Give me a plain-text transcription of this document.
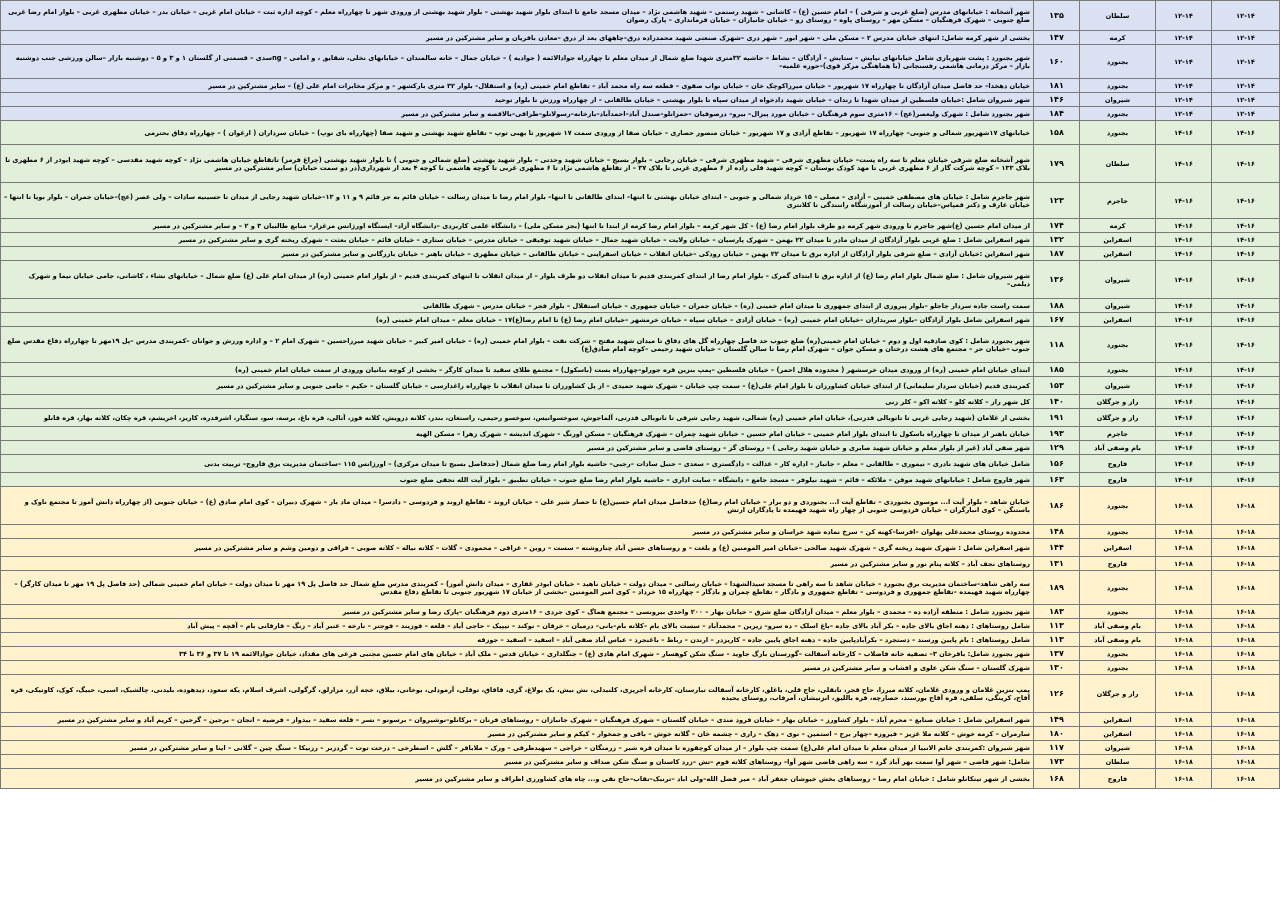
۱۲-۱۴	۱۲-۱۴	سلطان	۱۳۵	شهر آشخانه : خیابانهای مدرس (ضلع غربی و شرقی ) – امام حسین (ع) – کاشانی – شهید رستمی – شهید هاشمی نژاد – میدان مسجد جامع تا ابتدای بلوار شهید بهشتی – بلوار شهید بهشتی از ورودی شهر تا چهارراه معلم – کوچه اداره ثبت – خیابان امام غربی – خیابان بدر – خیابان مطهری غربی – بلوار امام رضا غربی ضلع جنوبی – شهرک فرهنگیان – مسکن مهر – روستای پاوه – روستای زو – خیابان جانبازان – خیابان فرمانداری – پارک رضوان
۱۲-۱۴	۱۲-۱۴	کرمه	۱۴۷	بخشی از شهر کرمه شامل: انتهای خیابان مدرس ۲ – مسکن ملی – شهر ابور – شهر دری –شهرک صنعتی شهید محمدزاده درق–چاههای بعد از درق –معادن باقریان و سایر مشترکین در مسیر
۱۲-۱۴	۱۲-۱۴	بجنورد	۱۶۰	شهر بجنورد : پشت شهربازی شامل خیابانهای نیایش – ستایش – آزادگان – نشاط – حاشیه ۳۲متری شهدا ضلع شمال از میدان معلم تا چهارراه جوادالائمه ( جواديه ) – خیابان جمال – خانه سالمندان – خیابانهای نخلی، شقایق ، و امامی – ngسدی – قسمتی از گلستان ۱ و ۳ و ۵ – دوشنبه بازار –سالن ورزشی جنب دوشنبه بازار – مرکز درمانی هاشمی رفسنجانی (با هماهنگی مرکز قوی)–حوزه علمیه–
۱۲-۱۴	۱۲-۱۴	بجنورد	۱۸۱	خیابان دهخدا– حد فاصل میدان آزادگان تا چهارراه ۱۷ شهریور – خیابان میرزاکوچک خان – خیابان نواب صفوی – قطعه سه راه محمد آباد – تقاطع امام خمینی (ره) و استقلال– بلوار ۳۲ متری بارکشهر – و مرکز مخابرات امام علی (ع) – سایر مشترکین در مسیر
۱۲-۱۴	۱۲-۱۴	شیروان	۱۴۶	شهر شیروان شامل :خیابان فلسطین از میدان شهدا تا زندان – خیابان شهید دادخواه از میدان سپاه تا بلوار بهشتی – خیابان طالقانی – از چهارراه ورزش تا بلوار توحید
۱۲-۱۴	۱۲-۱۴	بجنورد	۱۸۴	شهر بجنورد شامل : شهرک ولیعصر(عج) – ۱۶متری سوم فرهنگیان – خیابان مورد پیزال– بیرو– درصوفیان –حمزانلو–صندل آباد–احمدآباد–بازخانه–رسولانلو–طراقی–بالاقصه و سایر مشترکین در مسیر
۱۴-۱۶	۱۴-۱۶	بجنورد	۱۵۸	خیابانهای ۱۷شهریور شمالی و جنوبی– چهارراه ۱۷ شهریور – تقاطع آزادی و ۱۷ شهریور – خیابان منصور حصاری – خیابان صفا از ورودی سمت ۱۷ شهریور تا بهبی توپ – تقاطع شهید بهشتی و شهید صفا (چهارراه بای توپ) – خیابان سرداران ( ارغوان ) – چهارراه دقاق بحترمی
۱۴-۱۶	۱۴-۱۶	سلطان	۱۷۹	شهر آشخانه ضلع شرقی خیابان معلم تا سه راه پست– خیابان مطهری شرقی – شهید مطهری شرقی – خیابان رجایی – بلوار بسیج – خیابان شهید وحدتی – بلوار شهید بهشتی (ضلع شمالی و جنوبی ) تا بلوار شهید بهشتی (چراغ قرمز) تاتقاطع خیابان هاشمی نژاد – کوچه شهید مقدسی – کوچه شهید ابوذر از ۶ مطهری تا بلاک ۱۳۳ – کوچه شرکت گاز از ۶ مطهری غربی تا مهد کودک بوستان – کوچه شهید قلی زاده از ۶ مطهری غربی تا بلاک ۳۷ – از تقاطع هاشمی نژاد تا ۶ مطهری غربی تا کوچه هاشمی تا کوچه ۴ بعد از شهرداری(در دو سمت خیابان) سایر مشترکین در مسیر
۱۴-۱۶	۱۴-۱۶	جاجرم	۱۲۳	شهر جاجرم شامل : خیابان های مصطفی خمینی – آزادی – مصلی – ۱۵ خرداد شمالی و جنوبی – ابتدای خیابان بهشتی تا انتها– ابتدای طالقانی تا انتها– بلوار امام رضا تا میدان رسالت – خیابان قائم به جز قائم ۹ و ۱۱ و ۱۳–خیابان شهید رجایی از میدان تا حسینیه سادات – ولی عصر (عج)–خیابان جمران – بلوار بوپا تا انتها – خیابان عارف و دکتر قمپاس–خیابان رسالت از آموزشگاه راننندگی تا کلانتری
۱۴-۱۶	۱۴-۱۶	کرمه	۱۷۴	از میدان امام حسین (ع)شهر جاجرم تا ورودی شهر کرمه دو طرف بلوار امام رضا (ع) – کل شهر کرمه – بلوار امام رضا کرمه از ابتدا تا انتها (بجز مسکن ملی) – دانشگاه علمی کاربردی –دانشگاه آزاد– ایستگاه اورژانس مرغزار– منابع طالبیان ۳ و ۲ – و سایر مشترکین در مسیر
۱۴-۱۶	۱۴-۱۶	اسفراین	۱۳۲	شهر اسفراین شامل : ضلع غربی بلوار آزادگان از میدان مادر تا میدان ۲۲ بهمن – شهرک پارسیان – خیابان ولایت – خیابان شهید جمال – خیابان شهید توفیقی – خیابان مدرس – خیابان ستاری – خیابان قائم – خیابان بعثت – شهرک ریخته گری و سایر مشترکین در مسیر
۱۴-۱۶	۱۴-۱۶	اسفراین	۱۸۷	شهر اسفراین :خیابان آزادی – ضلع شرقی بلوار آزادگان از اداره برق تا میدان ۲۲ بهمن – خیابان رودکی –خیابان انقلاب – خیابان اسفراینی – خیابان طالقانی – خیابان مطهری – خیابان باهنر – خیابان بازرگانی و سایر مشترکین در مسیر
۱۴-۱۶	۱۴-۱۶	شیروان	۱۳۶	شهر شیروان شامل : ضلع شمال بلوار امام رضا (ع) از اداره برق تا ابتدای گمرک – بلوار امام رضا از ابتدای کمربندی قدیم تا میدان انقلاب دو طرف بلوار – از میدان انقلاب تا انتهای کمربندی قدیم – از بلوار امام خمینی (ره) از میدان امام علی (ع) ضلع شمال – خیابانهای نشاء ، کاشانی، جامی خیابان نیما و شهرک دیلمی–
۱۴-۱۶	۱۴-۱۶	شیروان	۱۸۸	سمت راست جاده سردار جاجلو –بلوار پیروزی از ابتدای جمهوری تا میدان امام خمینی (ره) – خیابان جمران – خیابان جمهوری – خیابان استقلال – بلوار فجر – خیابان مدرس – شهرک طالقانی
۱۴-۱۶	۱۴-۱۶	اسفراین	۱۶۷	شهر اسفراین شامل بلوار آزادگان –بلوار سربداران –خیابان امام خمینی (ره) – خیابان آزادی – خیابان سپاه – خیابان خرمشهر –خیابان امام رضا (ع) تا امام رضا(ع)۱۷ – خیابان معلم – میدان امام خمینی (ره)
۱۴-۱۶	۱۴-۱۶	بجنورد	۱۱۸	شهر بجنورد شامل : کوی صادقیه اول و دوم – خیابان امام خمینی(ره) ضلع جنوب حد فاصل چهارراه گل های دقاق تا میدان شهید مفتح – شرکت نفت – بلوار امام خمینی (ره) – خیابان امیر کبیر – خیابان شهید میرزاحسین – شهرک امام ۲ – و اداره ورزش و جوانان –کمربندی مدرس –پل ۱۹مهر تا چهارراه دفاع مقدس ضلع جنوب –خیابان حر – مجتمع های هشت درختان و مسکن جوان – شهرک امام رضا تا سالن گلستان – خیابان شهید رحیمی –کوچه امام صادق(ع)
۱۴-۱۶	۱۴-۱۶	بجنورد	۱۸۵	ابتدای خیابان امام خمینی (ره) از ورودی میدان خرسشهر ( محدوده هلال احمر) – خیابان فلسطین –پمپ بنزین قره جورلو–چهارراه بست (باسکول) – مجتمع طلای سفید تا میدان کارگر – بخشی از کوچه بنانیان ورودی از سمت خیابان امام خمینی (ره)
۱۴-۱۶	۱۴-۱۶	شیروان	۱۵۳	کمربندی قدیم (خیابان سردار سلیمانی) از ابتدای خیابان کشاورزان تا بلوار امام علی(ع) – سمت چپ خیابان – شهرک شهید حمیدی – از پل کشاورزان تا میدان انقلاب تا چهارراه زاغدارسی – خیابان گلستان – حکیم – جامی جنوبی و سایر مشترکین در مسیر
۱۴-۱۶	۱۴-۱۶	راز و جرگلان	۱۴۰	کل شهر راز – کلاته کلو – کلاته اکو – کلر زنی
۱۴-۱۶	۱۴-۱۶	راز و جرگلان	۱۹۱	بخشی از غلامان (شهید رجایی غربی تا تاتوبالی قدرتی)، خیابان امام خمینی (ره) شمالی، شهید رجایی شرقی تا تاتوبالی قدرتی، آلماجوش، سوخسوانیس، سوخسو رحیمی، راستغان، بندر، کلانه درویش، کلاته قوز، آتالی، قره باغ، برسه، سو، سنگیار، اشرفدره، کاریز، اخریشم، قره چکان، کلاته بهار، قره قانلو
۱۴-۱۶	۱۴-۱۶	جاجرم	۱۹۳	خیابان باهنر از میدان تا چهارراه باسکول تا ابتدای بلوار امام خمینی – خیابان امام حسین – خیابان شهید چمران – شهرک فرهنگیان – مسکن اورنگ – شهرک اندیشه – شهرک زهرا – مسکن الهیه
۱۴-۱۶	۱۴-۱۶	بام وصفی آباد	۱۲۹	شهر صفی آباد (غیر از بلوار معلم و خیابان شهید صابری و خیابان شهید رجایی ) – روستای گز – روستای قاضی و سایر مشترکین در مسیر
۱۴-۱۶	۱۴-۱۶	فاروج	۱۵۶	شامل خیابان های شهید نادری – نیموری – طالقانی – معلم – جانباز – اداره کار – عدالت – دادگستری – سعدی – حنبل سادات –رجبی– حاشیه بلوار امام رضا ضلع شمال (حدفاصل بسیج تا میدان مرکزی) – اورژانس ۱۱۵ –ساختمان مدیریت برق فاروج– تربیت بدنی
۱۴-۱۶	۱۴-۱۶	فاروج	۱۶۳	شهر فاروج شامل : خیابانهای شهید موقن – ملائکه – قائم – شهید نیلوفر – مسجد جامع – دانشگاه – سایت اداری – حاشیه بلوار امام رضا ضلع جنوب – خیابان تطبیق – بلوار آیت الله نجفی ضلع جنوب
۱۶-۱۸	۱۶-۱۸	بجنورد	۱۸۶	خیابان شاهد – بلوار آیت ا... موسوی بجنوردی – تقاطع آیت ا... بجنوردی و دو برار – خیابان امام رضا(ع) حدفاصل میدان امام حسین(ع) تا حصار شیر علی – خیابان اروند – تقاطع اروند و فردوسی – دادسرا – میدان ماد بار – شهرک دبیران – کوی امام صادق (ع) – خیابان جنوبی (از چهارراه دانش آموز تا مجتمع ناوک و باستنگن – کوی انبارگران – خیابان فردوسی جنوبی از چهار راه شهید فهیمده تا یادگاران ارتش
۱۶-۱۸	۱۶-۱۸	بجنورد	۱۴۸	محدوده روستای محمدعلی پهلوان –افرسا–کهنه کن – سرخ نماده شهد خراسان و سایر مشترکین در مسیر
۱۶-۱۸	۱۶-۱۸	اسفراین	۱۴۴	شهر اسفراین شامل : شهرک شهید ریخته گری – شهرک شهید صالحی –خیابان امیر المومنین (ع) و بلغت – و روستاهای حسن آباد چناروشته – سست – روین – عراقی – محمودی – گلات – کلاته نیاله – کلاته صوبی – قراقی و دومین وشم و سایر مشترکین در مسیر
۱۶-۱۸	۱۶-۱۸	فاروج	۱۳۱	روستاهای نجف آباد – کلاته پنام نور و سایر مشترکین در مسیر
۱۶-۱۸	۱۶-۱۸	بجنورد	۱۸۹	سه راهی شاهد–ساختمان مدیریت برق بجنورد – خیابان شاهد تا سه راهی تا مسجد سیدالشهدا – خیابان رسالتی – میدان دولت – خیابان ناهید – خیابان ابوذر غفاری – میدان دانش آموز) – کمربندی مدرس ضلع شمال حد فاصل پل ۱۹ مهر تا میدان دولت – خیابان امام خمینی شمالی (حد فاصل پل ۱۹ مهر تا میدان کارگر) – چهارراه شهید فهیمده –تقاطع جمهوری و فردوسی – تقاطع جمهوری و بادگار – تقاطع چمران و بادگار – چهارراه ۱۵ خرداد – کوی امیر المومنین –بخشی از خیابان ۱۷ شهریور جنوبی تا تقاطع دفاع مقدس
۱۶-۱۸	۱۶-۱۸	بجنورد	۱۸۳	شهر بجنورد شامل : منطقه آزاده ده – محمدی – بلوار معلم – میدان آزادگان ضلع شرق – خیابان بهار – ۲۰۰ واحدی بیرونسی – مجتمع هماگ – کوی جردی – ۱۶متری دوم فرهنگیان –پارک رضا و سایر مشترکین در مسیر
۱۶-۱۸	۱۶-۱۸	بام وصفی آباد	۱۱۳	شامل روستاهای : دهنه اجاق بالای جاده – بکر آباد بالای جاده –باغ اسلک – ده سرو– زیرین – محمدآباد – سست بالای بام –کلاته بام–بانی– درمیان – خرقان – نوکند – تیپیک – حاجی آباد – قلعه – فوزیند – فوجتر – نارخه – عنبر آباد – زنگ – قارقانی بام – آقچه – پیش آباد
۱۶-۱۸	۱۶-۱۸	بام وصفی آباد	۱۱۳	شامل روستاهای : بام پایین ورسند – دستجرد – بکرآبادپایین جاده – دهنه اجاق پایین جاده – کاریزدر – ارندن – رباط – باغنجرد – عباس آباد صفی آباد – اسفید – اسفید – جوزقه
۱۶-۱۸	۱۶-۱۸	بجنورد	۱۳۷	شهر بجنورد شامل: باقرخان ۳– تصفیه خانه فاضلاب – کارخانه آسفالت –گورستان بارگ جاوید – سنگ شکن کوهسار – شهرک امام هادی (ع) – جنگلداری – خیابان قدس – ملک آباد – خیابان های امام حسین مجتبی فرعی های مقداد، خیابان جوادالائمه ۱۹ تا ۳۷ و ۳۶ تا ۳۴
۱۶-۱۸	۱۶-۱۸	بجنورد	۱۳۰	شهرک گلستان – سنگ شکن علوی و اقشاب و سایر مشترکین در مسیر
۱۶-۱۸	۱۶-۱۸	راز و جرگلان	۱۲۶	پمپ بنزین غلامان و ورودی غلامان، کلاته میرزا، حاج قجر، ناتقلی، حاج قلی، باغلق، کارخانه آسفالت تبارستان، کارخانه آجرپزی، کلنیدلی، نش نیش، یک بولاغ، گزی، قاقاق، توقلی، آرمودلی، بوخانی، بیلاق، خجه آزر، مزارلق، گرگولی، اشرف اسلام، یکه سعود، دیدهوده، بلیدنی، چالشیک، اسبی، حبیگ، کوک، کاوتیکی، قره آقاج، کرینگی، سلقی، قره آقاج بورسند، حصارچه، قره باللیق، انزنیشان، آمرفاب، روستای یحیده
۱۶-۱۸	۱۶-۱۸	اسفراین	۱۴۹	شهر اسفراین شامل : خیابان صنایع – محرم آباد – بلوار کشاورز – خیابان بهار – خیابان فرود مندی – خیابان گلستان – شهرک فرهنگیان – شهرک جانبازان – روستاهای فرنان – برکانلو–نوشیروان – برسونو – نسر – قلعه سفید – بیدواز – فرضیه – انجان – برجین – گرجین – کریم آباد و سایر مشترکین در مسیر
۱۶-۱۸	۱۶-۱۸	اسفراین	۱۸۰	سارمران – کرمه خوش – کلاته ملا عزیز – فیروزه –چهار برج – استمین – نوی – دهک – زاری – چشمه خان – گلاته خوش – باقی و جمخوار – کیکم و سایر مشترکین در مسیر
۱۶-۱۸	۱۶-۱۸	شیروان	۱۱۷	شهر شیروان :کمربندی خاتم الانبیا از میدان معلم تا میدان امام علی(ع) سمت چپ بلوار – از میدان کوچقوزه تا میدان قره شیر – زرمنگان – خراجی – سهیدطرقی – ورک – ملایاقر – گلش – اسطرخی – درخت توت – گردزبر – رزبیکا – سنگ چین – گلاتی – اینا و سایر مشترکین در مسیر
۱۶-۱۸	۱۶-۱۸	سلطان	۱۷۳	شامل: شهر قاضی – شهر آوا سمت بهر آباد گرد – سه راهی قاضی شهر آوا– روستاهای کلاته قوم –تش –زرد کاستان و سنگ شکن صداف و سایر مشترکین در مسیر
۱۶-۱۸	۱۶-۱۸	فاروج	۱۶۸	بخشی از شهر تیتکانلو شامل : خیابان امام رضا – روستاهای بخش خیوشان جعفر آباد – میر فضل الله–ولی اباد –ترنبک–تقاب–حاج نفی و... چاه های کشاورزی اطراف و سایر مشترکین در مسیر
